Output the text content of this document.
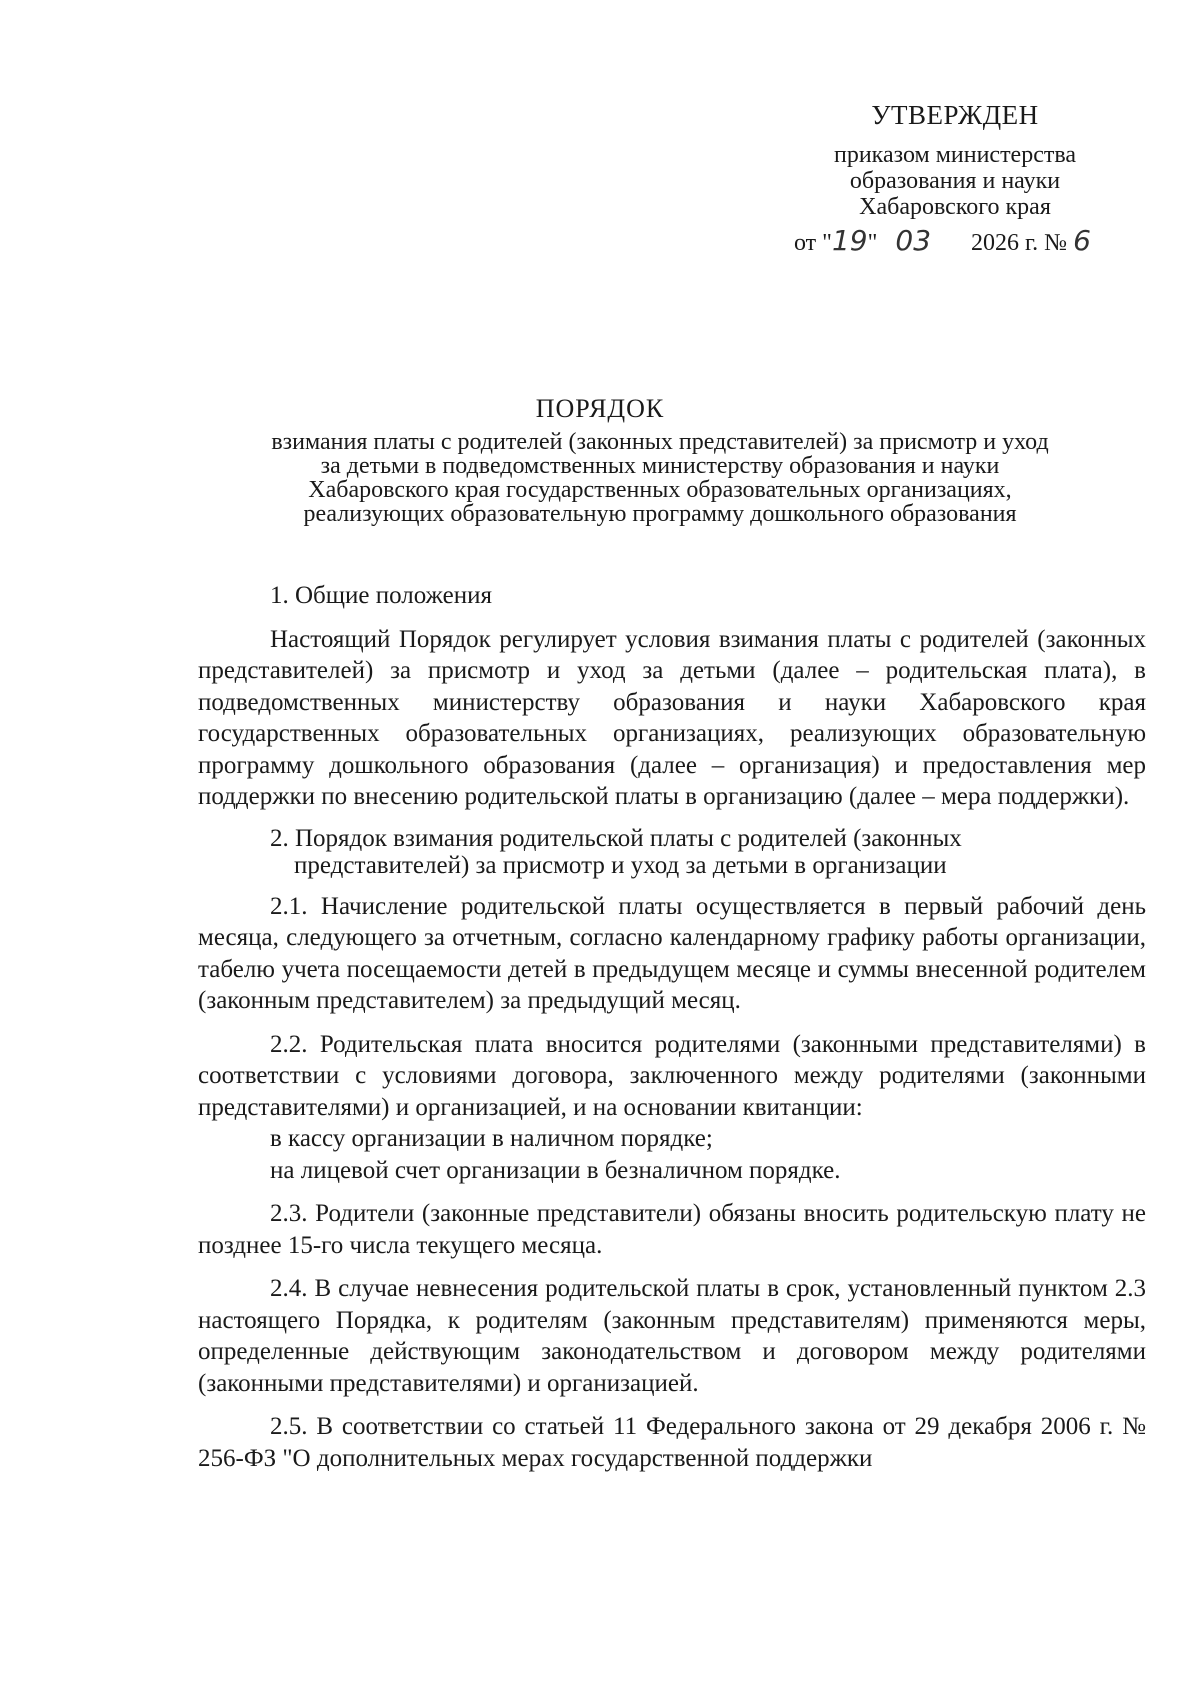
УТВЕРЖДЕН
приказом министерства
образования и науки
Хабаровского края
от "19" 03 2026 г. № 6
ПОРЯДОК
взимания платы с родителей (законных представителей) за присмотр и уход
за детьми в подведомственных министерству образования и науки
Хабаровского края государственных образовательных организациях,
реализующих образовательную программу дошкольного образования

1. Общие положения

Настоящий Порядок регулирует условия взимания платы с родителей (законных представителей) за присмотр и уход за детьми (далее – родительская плата), в подведомственных министерству образования и науки Хабаровского края государственных образовательных организациях, реализующих образовательную программу дошкольного образования (далее – организация) и предоставления мер поддержки по внесению родительской платы в организацию (далее – мера поддержки).

2. Порядок взимания родительской платы с родителей (законных
представителей) за присмотр и уход за детьми в организации

2.1. Начисление родительской платы осуществляется в первый рабочий день месяца, следующего за отчетным, согласно календарному графику работы организации, табелю учета посещаемости детей в предыдущем месяце и суммы внесенной родителем (законным представителем) за предыдущий месяц.

2.2. Родительская плата вносится родителями (законными представителями) в соответствии с условиями договора, заключенного между родителями (законными представителями) и организацией, и на основании квитанции:

в кассу организации в наличном порядке;

на лицевой счет организации в безналичном порядке.

2.3. Родители (законные представители) обязаны вносить родительскую плату не позднее 15-го числа текущего месяца.

2.4. В случае невнесения родительской платы в срок, установленный пунктом 2.3 настоящего Порядка, к родителям (законным представителям) применяются меры, определенные действующим законодательством и договором между родителями (законными представителями) и организацией.

2.5. В соответствии со статьей 11 Федерального закона от 29 декабря 2006 г. № 256-ФЗ "О дополнительных мерах государственной поддержки
